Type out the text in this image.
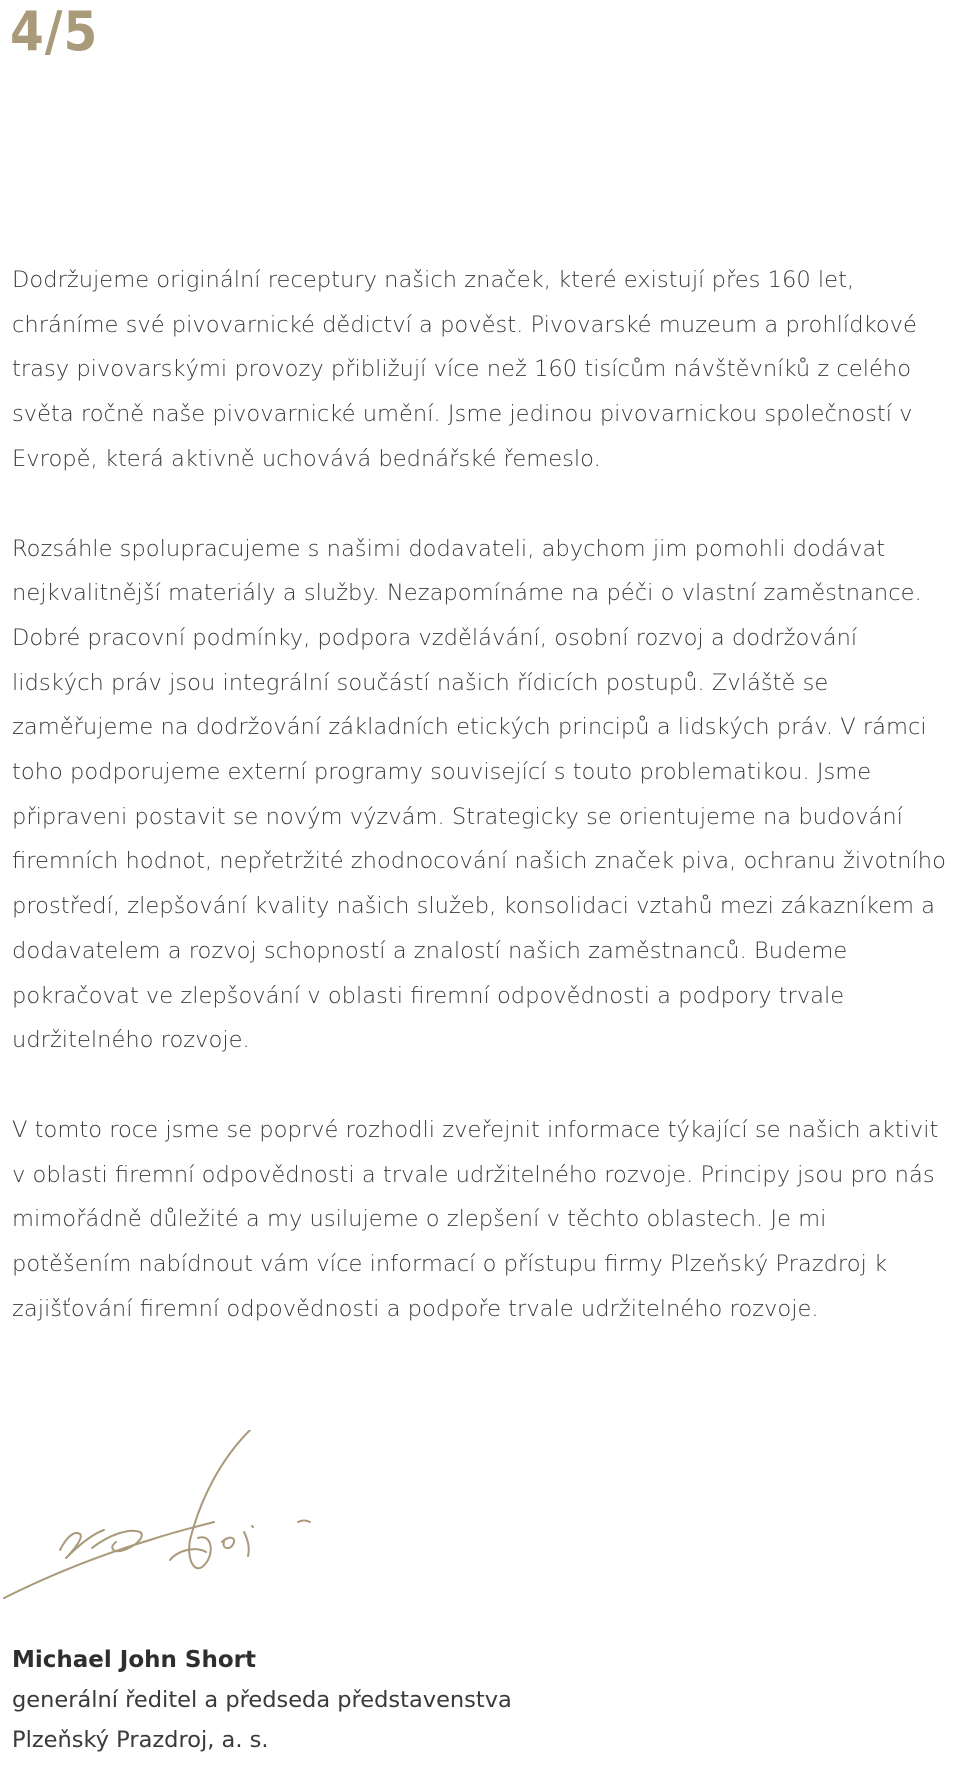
4/5

Dodržujeme originální receptury našich značek, které existují přes 160 let, chráníme své pivovarnické dědictví a pověst. Pivovarské muzeum a prohlídkové trasy pivovarskými provozy přibližují více než 160 tisícům návštěvníků z celého světa ročně naše pivovarnické umění. Jsme jedinou pivovarnickou společností v Evropě, která aktivně uchovává bednářské řemeslo.

Rozsáhle spolupracujeme s našimi dodavateli, abychom jim pomohli dodávat nejkvalitnější materiály a služby. Nezapomínáme na péči o vlastní zaměstnance. Dobré pracovní podmínky, podpora vzdělávání, osobní rozvoj a dodržování lidských práv jsou integrální součástí našich řídicích postupů. Zvláště se zaměřujeme na dodržování základních etických principů a lidských práv. V rámci toho podporujeme externí programy související s touto problematikou. Jsme připraveni postavit se novým výzvám. Strategicky se orientujeme na budování firemních hodnot, nepřetržité zhodnocování našich značek piva, ochranu životního prostředí, zlepšování kvality našich služeb, konsolidaci vztahů mezi zákazníkem a dodavatelem a rozvoj schopností a znalostí našich zaměstnanců. Budeme pokračovat ve zlepšování v oblasti firemní odpovědnosti a podpory trvale udržitelného rozvoje.

V tomto roce jsme se poprvé rozhodli zveřejnit informace týkající se našich aktivit v oblasti firemní odpovědnosti a trvale udržitelného rozvoje. Principy jsou pro nás mimořádně důležité a my usilujeme o zlepšení v těchto oblastech. Je mi potěšením nabídnout vám více informací o přístupu firmy Plzeňský Prazdroj k zajišťování firemní odpovědnosti a podpoře trvale udržitelného rozvoje.

Michael John Short
generální ředitel a předseda představenstva
Plzeňský Prazdroj, a. s.
